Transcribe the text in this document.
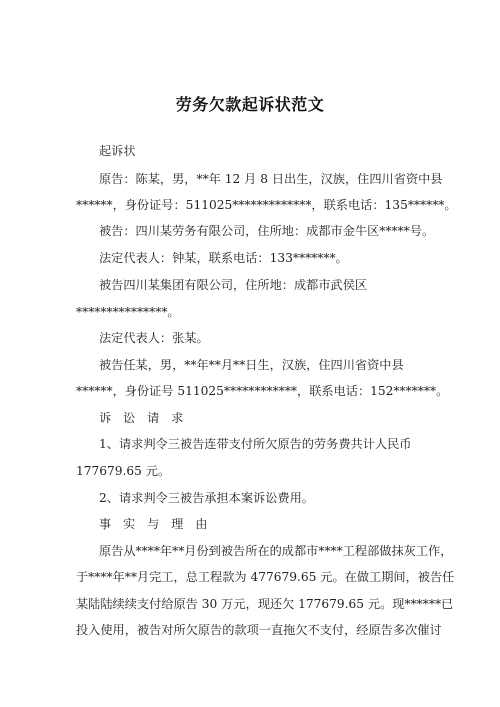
劳务欠款起诉状范文
起诉状
原告：陈某，男，**年 12 月 8 日出生，汉族，住四川省资中县
******，身份证号：511025*************，联系电话：135******。
被告：四川某劳务有限公司，住所地：成都市金牛区*****号。
法定代表人：钟某，联系电话：133*******。
被告四川某集团有限公司，住所地：成都市武侯区
***************。
法定代表人：张某。
被告任某，男，**年**月**日生，汉族，住四川省资中县
******，身份证号 511025************，联系电话：152*******。
诉 讼 请 求
1、请求判令三被告连带支付所欠原告的劳务费共计人民币
177679.65 元。
2、请求判令三被告承担本案诉讼费用。
事 实 与 理 由
原告从****年**月份到被告所在的成都市****工程部做抹灰工作，
于****年**月完工，总工程款为 477679.65 元。在做工期间，被告任
某陆陆续续支付给原告 30 万元，现还欠 177679.65 元。现******已
投入使用，被告对所欠原告的款项一直拖欠不支付，经原告多次催讨
